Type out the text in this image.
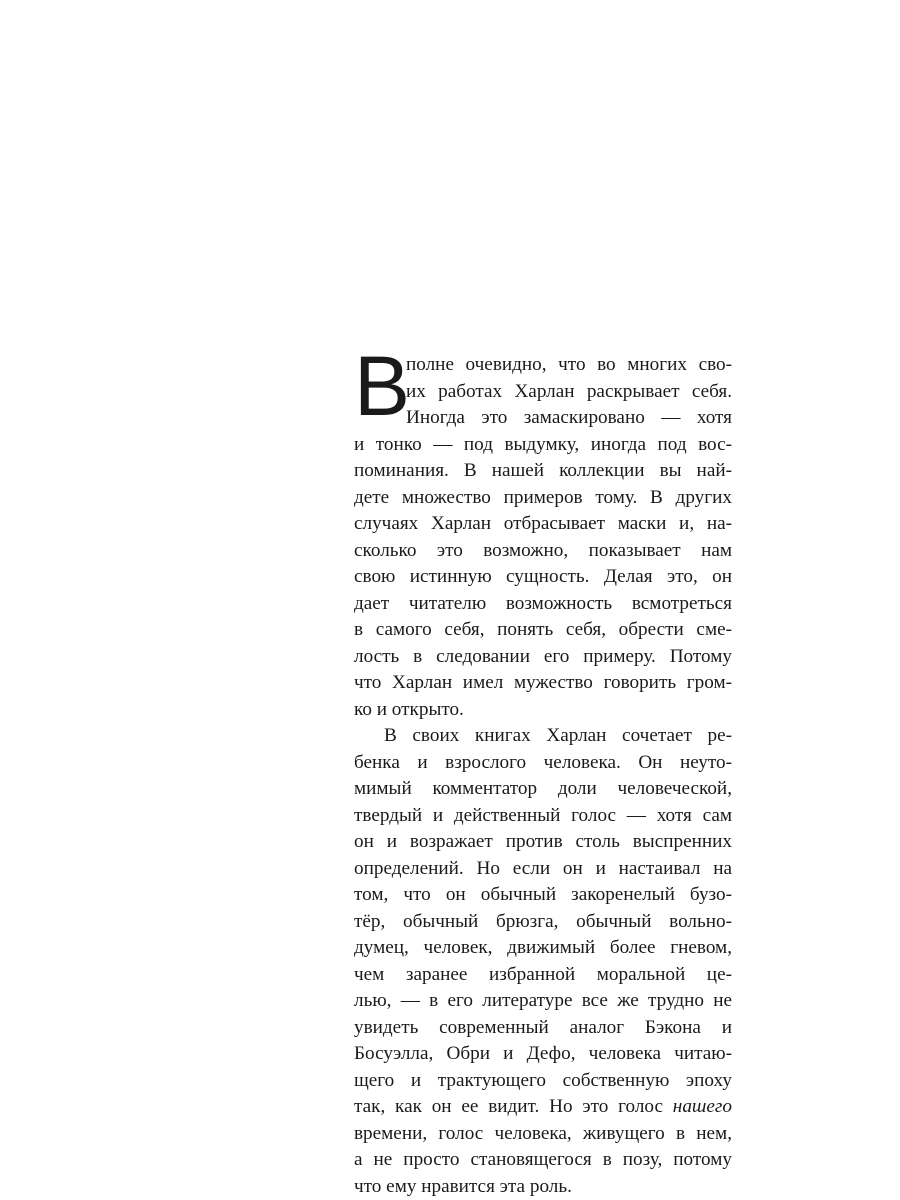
В
полне очевидно, что во многих сво-
их работах Харлан раскрывает себя.
Иногда это замаскировано — хотя
и тонко — под выдумку, иногда под вос-
поминания. В нашей коллекции вы най-
дете множество примеров тому. В других
случаях Харлан отбрасывает маски и, на-
сколько это возможно, показывает нам
свою истинную сущность. Делая это, он
дает читателю возможность всмотреться
в самого себя, понять себя, обрести сме-
лость в следовании его примеру. Потому
что Харлан имел мужество говорить гром-
ко и открыто.
В своих книгах Харлан сочетает ре-
бенка и взрослого человека. Он неуто-
мимый комментатор доли человеческой,
твердый и действенный голос — хотя сам
он и возражает против столь выспренних
определений. Но если он и настаивал на
том, что он обычный закоренелый бузо-
тёр, обычный брюзга, обычный вольно-
думец, человек, движимый более гневом,
чем заранее избранной моральной це-
лью, — в его литературе все же трудно не
увидеть современный аналог Бэкона и
Босуэлла, Обри и Дефо, человека читаю-
щего и трактующего собственную эпоху
так, как он ее видит. Но это голос нашего
времени, голос человека, живущего в нем,
а не просто становящегося в позу, потому
что ему нравится эта роль.
